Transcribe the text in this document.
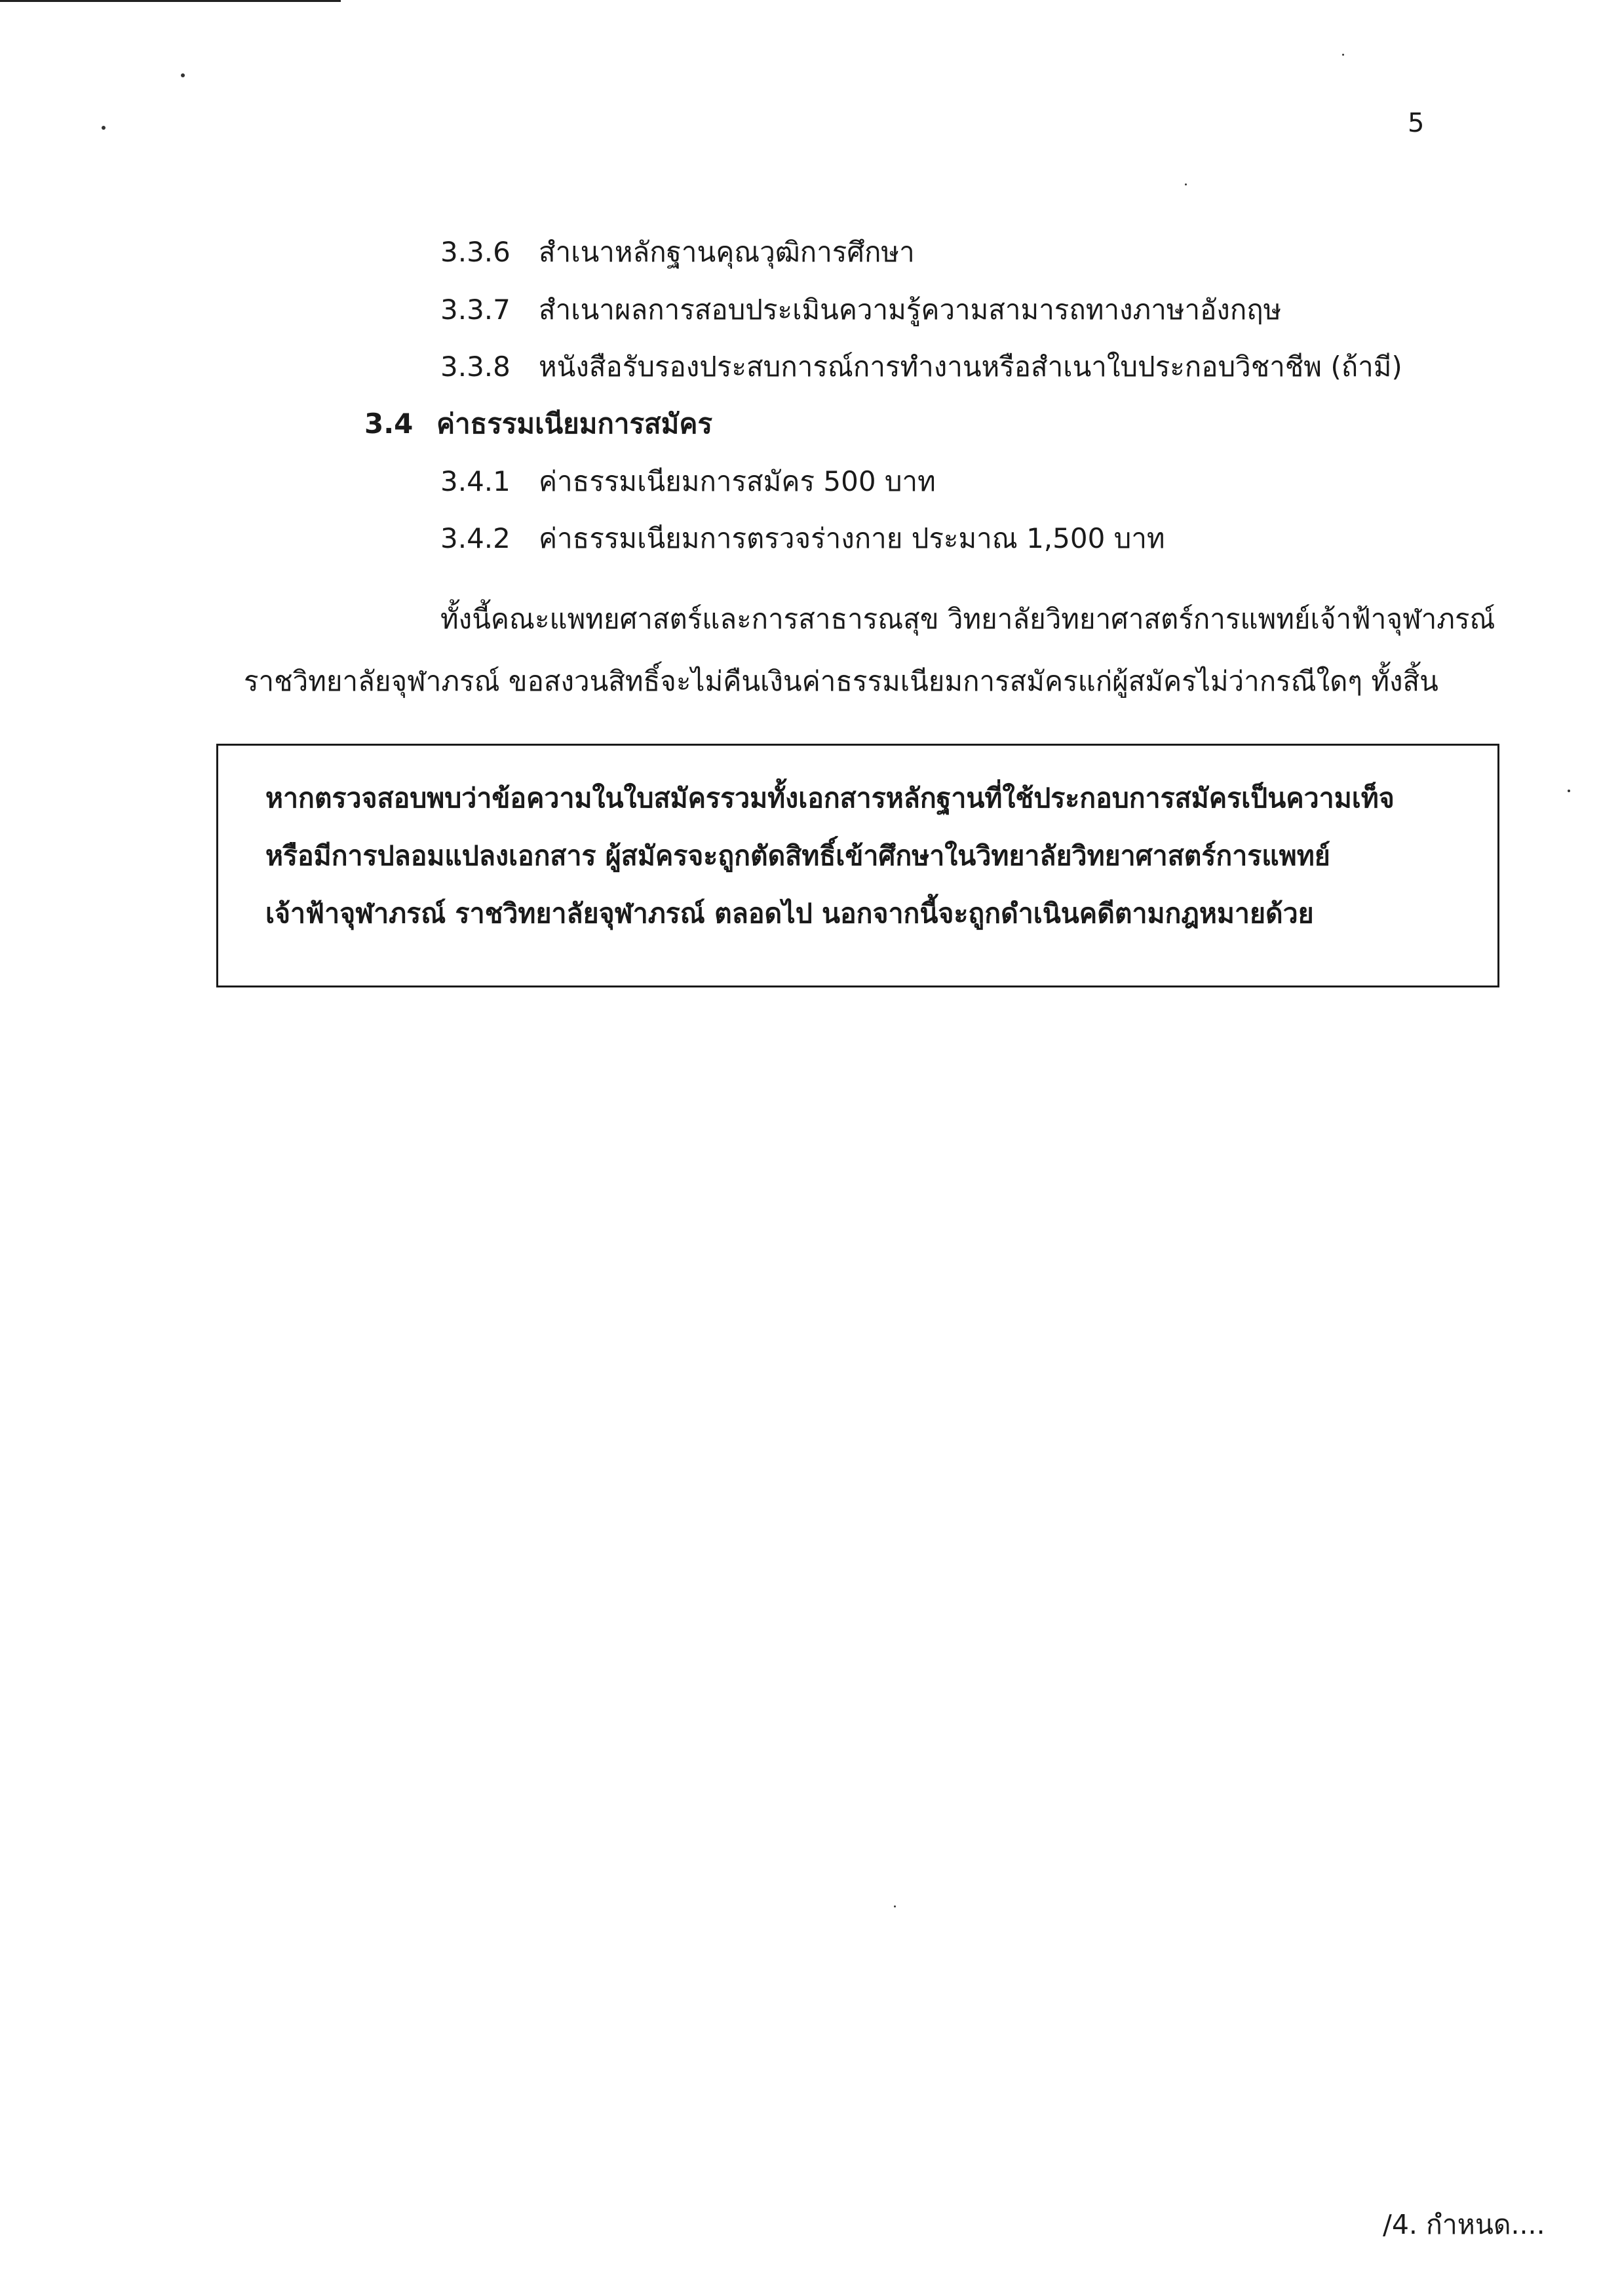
5
3.3.6 สำเนาหลักฐานคุณวุฒิการศึกษา
3.3.7 สำเนาผลการสอบประเมินความรู้ความสามารถทางภาษาอังกฤษ
3.3.8 หนังสือรับรองประสบการณ์การทำงานหรือสำเนาใบประกอบวิชาชีพ (ถ้ามี)
3.4 ค่าธรรมเนียมการสมัคร
3.4.1 ค่าธรรมเนียมการสมัคร 500 บาท
3.4.2 ค่าธรรมเนียมการตรวจร่างกาย ประมาณ 1,500 บาท
ทั้งนี้คณะแพทยศาสตร์และการสาธารณสุข วิทยาลัยวิทยาศาสตร์การแพทย์เจ้าฟ้าจุฬาภรณ์
ราชวิทยาลัยจุฬาภรณ์ ขอสงวนสิทธิ์จะไม่คืนเงินค่าธรรมเนียมการสมัครแก่ผู้สมัครไม่ว่ากรณีใดๆ ทั้งสิ้น
หากตรวจสอบพบว่าข้อความในใบสมัครรวมทั้งเอกสารหลักฐานที่ใช้ประกอบการสมัครเป็นความเท็จ
หรือมีการปลอมแปลงเอกสาร ผู้สมัครจะถูกตัดสิทธิ์เข้าศึกษาในวิทยาลัยวิทยาศาสตร์การแพทย์
เจ้าฟ้าจุฬาภรณ์ ราชวิทยาลัยจุฬาภรณ์ ตลอดไป นอกจากนี้จะถูกดำเนินคดีตามกฎหมายด้วย
/4. กำหนด....
